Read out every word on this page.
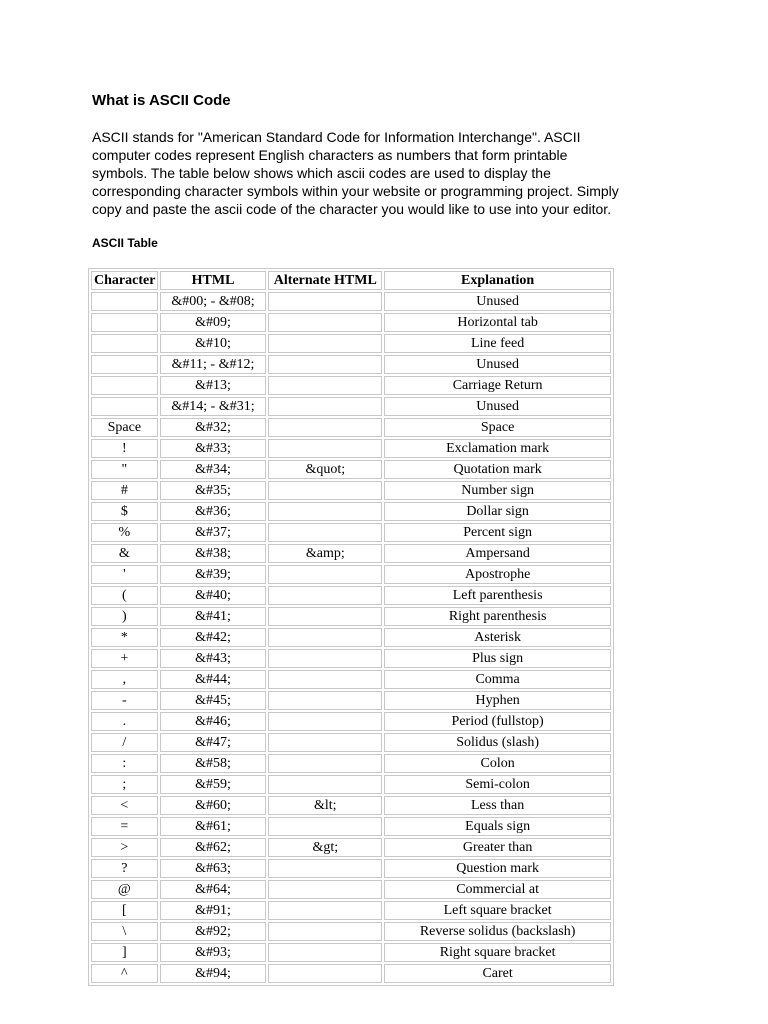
What is ASCII Code

ASCII stands for "American Standard Code for Information Interchange". ASCII
computer codes represent English characters as numbers that form printable
symbols. The table below shows which ascii codes are used to display the
corresponding character symbols within your website or programming project. Simply
copy and paste the ascii code of the character you would like to use into your editor.

ASCII Table
Character	HTML	Alternate HTML	Explanation
	&#00; - &#08;		Unused
	&#09;		Horizontal tab
	&#10;		Line feed
	&#11; - &#12;		Unused
	&#13;		Carriage Return
	&#14; - &#31;		Unused
Space	&#32;		Space
!	&#33;		Exclamation mark
"	&#34;	&quot;	Quotation mark
#	&#35;		Number sign
$	&#36;		Dollar sign
%	&#37;		Percent sign
&	&#38;	&amp;	Ampersand
'	&#39;		Apostrophe
(	&#40;		Left parenthesis
)	&#41;		Right parenthesis
*	&#42;		Asterisk
+	&#43;		Plus sign
,	&#44;		Comma
-	&#45;		Hyphen
.	&#46;		Period (fullstop)
/	&#47;		Solidus (slash)
:	&#58;		Colon
;	&#59;		Semi-colon
<	&#60;	&lt;	Less than
=	&#61;		Equals sign
>	&#62;	&gt;	Greater than
?	&#63;		Question mark
@	&#64;		Commercial at
[	&#91;		Left square bracket
\	&#92;		Reverse solidus (backslash)
]	&#93;		Right square bracket
^	&#94;		Caret
